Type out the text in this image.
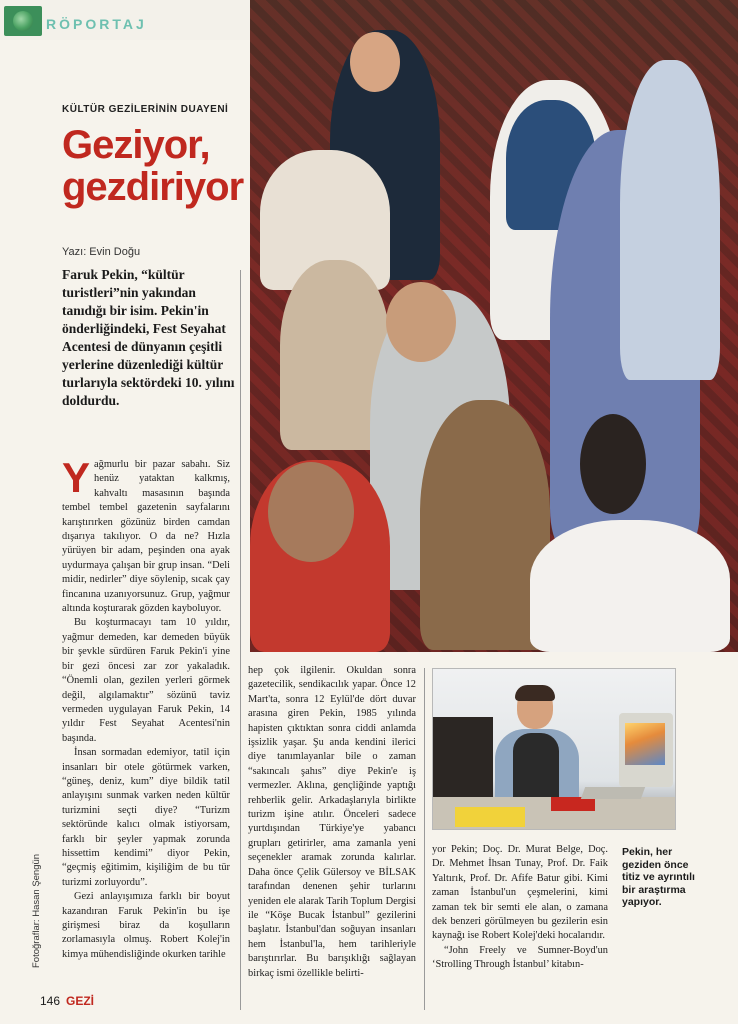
RÖPORTAJ
KÜLTÜR GEZİLERİNİN DUAYENİ
Geziyor,
gezdiriyor
Yazı: Evin Doğu
Faruk Pekin, “kültür turistleri”nin yakından tanıdığı bir isim. Pekin'in önderliğindeki, Fest Seyahat Acentesi de dünyanın çeşitli yerlerine düzenlediği kültür turlarıyla sektördeki 10. yılını doldurdu.

Yağmurlu bir pazar sabahı. Siz henüz yataktan kalkmış, kahvaltı masasının başında tembel tembel gazetenin sayfalarını karıştırırken gözünüz birden camdan dışarıya takılıyor. O da ne? Hızla yürüyen bir adam, peşinden ona ayak uydurmaya çalışan bir grup insan. “Deli midir, nedirler” diye söylenip, sıcak çay fincanına uzanıyorsunuz. Grup, yağmur altında koşturarak gözden kayboluyor.

Bu koşturmacayı tam 10 yıldır, yağmur demeden, kar demeden büyük bir şevkle sürdüren Faruk Pekin'i yine bir gezi öncesi zar zor yakaladık. “Önemli olan, gezilen yerleri görmek değil, algılamaktır” sözünü taviz vermeden uygulayan Faruk Pekin, 14 yıldır Fest Seyahat Acentesi'nin başında.

İnsan sormadan edemiyor, tatil için insanları bir otele götürmek varken, “güneş, deniz, kum” diye bildik tatil anlayışını sunmak varken neden kültür turizmini seçti diye? “Turizm sektöründe kalıcı olmak istiyorsam, farklı bir şeyler yapmak zorunda hissettim kendimi” diyor Pekin, “geçmiş eğitimim, kişiliğim de bu tür turizmi zorluyordu”.

Gezi anlayışımıza farklı bir boyut kazandıran Faruk Pekin'in bu işe girişmesi biraz da koşulların zorlamasıyla olmuş. Robert Kolej'in kimya mühendisliğinde okurken tarihle

hep çok ilgilenir. Okuldan sonra gazetecilik, sendikacılık yapar. Önce 12 Mart'ta, sonra 12 Eylül'de dört duvar arasına giren Pekin, 1985 yılında hapisten çıktıktan sonra ciddi anlamda işsizlik yaşar. Şu anda kendini ilerici diye tanımlayanlar bile o zaman “sakıncalı şahıs” diye Pekin'e iş vermezler. Aklına, gençliğinde yaptığı rehberlik gelir. Arkadaşlarıyla birlikte turizm işine atılır. Önceleri sadece yurtdışından Türkiye'ye yabancı grupları getirirler, ama zamanla yeni seçenekler aramak zorunda kalırlar. Daha önce Çelik Gülersoy ve BİLSAK tarafından denenen şehir turlarını yeniden ele alarak Tarih Toplum Dergisi ile “Köşe Bucak İstanbul” gezilerini başlatır. İstanbul'dan soğuyan insanları hem İstanbul'la, hem tarihleriyle barıştırırlar. Bu barışıklığı sağlayan birkaç ismi özellikle belirti-

Pekin, her geziden önce titiz ve ayrıntılı bir araştırma yapıyor.

yor Pekin; Doç. Dr. Murat Belge, Doç. Dr. Mehmet İhsan Tunay, Prof. Dr. Faik Yaltırık, Prof. Dr. Afife Batur gibi. Kimi zaman İstanbul'un çeşmelerini, kimi zaman tek bir semti ele alan, o zamana dek benzeri görülmeyen bu gezilerin esin kaynağı ise Robert Kolej'deki hocalarıdır.

“John Freely ve Sumner-Boyd'un ‘Strolling Through İstanbul’ kitabın-

Fotoğraflar: Hasan Şengün
146 GEZİ
